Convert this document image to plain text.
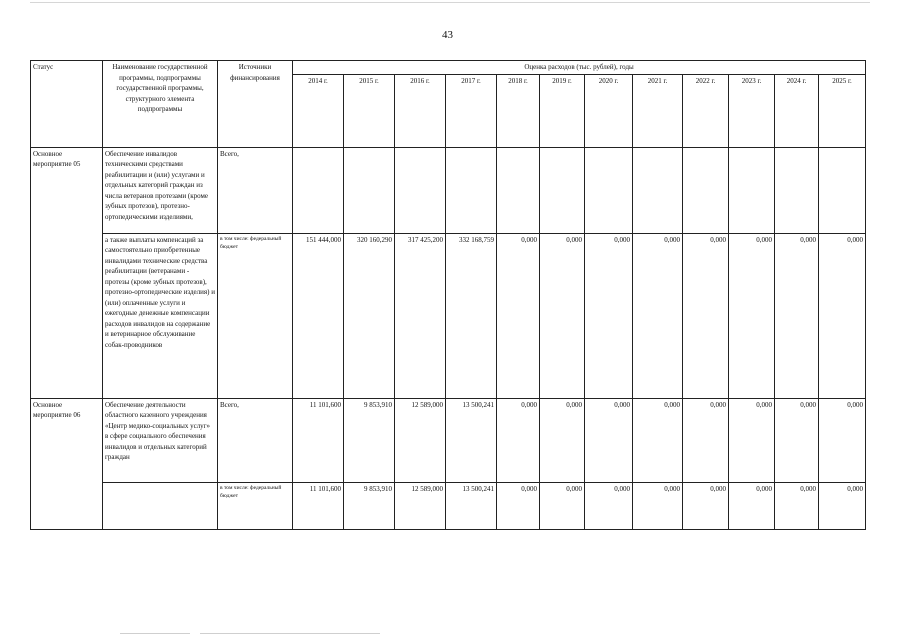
43
Статус	Наименование государственной программы, подпрограммы государственной программы, структурного элемента подпрограммы	Источники финансирования	Оценка расходов (тыс. рублей), годы											
			2014 г.	2015 г.	2016 г.	2017 г.	2018 г.	2019 г.	2020 г.	2021 г.	2022 г.	2023 г.	2024 г.	2025 г.
Основное мероприятие 05	Обеспечение инвалидов техническими средствами реабилитации и (или) услугами и отдельных категорий граждан из числа ветеранов протезами (кроме зубных протезов), протезно-ортопедическими изделиями,	Всего,												
	а также выплаты компенсаций за самостоятельно приобретенные инвалидами технические средства реабилитации (ветеранами - протезы (кроме зубных протезов), протезно-ортопедические изделия) и (или) оплаченные услуги и ежегодные денежные компенсации расходов инвалидов на содержание и ветеринарное обслуживание собак-проводников	в том числе: федеральный бюджет	151 444,000	320 160,290	317 425,200	332 168,759	0,000	0,000	0,000	0,000	0,000	0,000	0,000	0,000
Основное мероприятие 06	Обеспечение деятельности областного казенного учреждения «Центр медико-социальных услуг» в сфере социального обеспечения инвалидов и отдельных категорий граждан	Всего,	11 101,600	9 853,910	12 589,000	13 500,241	0,000	0,000	0,000	0,000	0,000	0,000	0,000	0,000
		в том числе: федеральный бюджет	11 101,600	9 853,910	12 589,000	13 500,241	0,000	0,000	0,000	0,000	0,000	0,000	0,000	0,000
